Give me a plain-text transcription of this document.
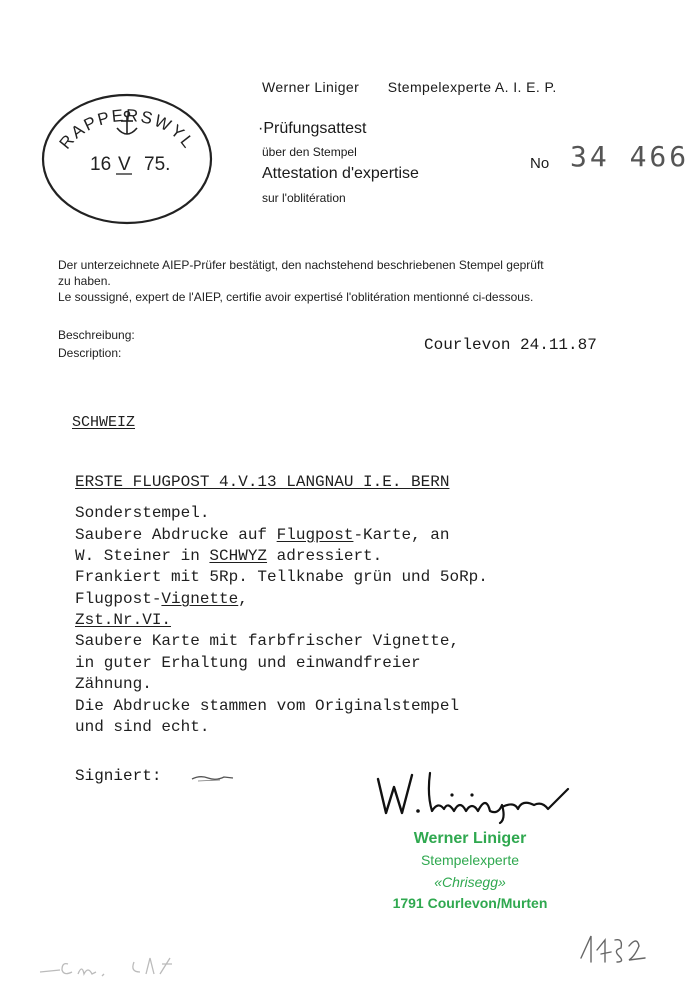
RAPPERSWYL
16 V 75.
Werner Liniger Stempelexperte A. I. E. P.
·Prüfungsattest
über den Stempel
Attestation d'expertise
sur l'oblitération
No 34 466
Der unterzeichnete AIEP-Prüfer bestätigt, den nachstehend beschriebenen Stempel geprüft
zu haben.
Le soussigné, expert de l'AIEP, certifie avoir expertisé l'oblitération mentionné ci-dessous.
Beschreibung:
Description:	Courlevon 24.11.87
SCHWEIZ
ERSTE FLUGPOST 4.V.13 LANGNAU I.E. BERN
Sonderstempel.
Saubere Abdrucke auf Flugpost-Karte, an
W. Steiner in SCHWYZ adressiert.
Frankiert mit 5Rp. Tellknabe grün und 5oRp.
Flugpost-Vignette,
Zst.Nr.VI.
Saubere Karte mit farbfrischer Vignette,
in guter Erhaltung und einwandfreier
Zähnung.
Die Abdrucke stammen vom Originalstempel
und sind echt.
Signiert:
Werner Liniger
Stempelexperte
«Chrisegg»
1791 Courlevon/Murten
